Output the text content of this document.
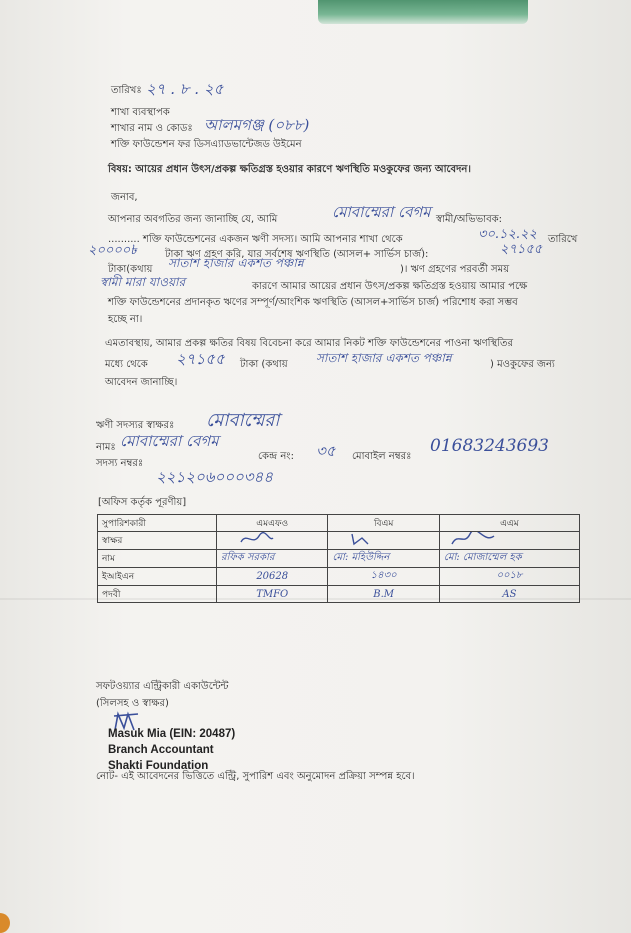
তারিখঃ ২৭ . ৮ . ২৫
শাখা ব্যবস্থাপক
শাখার নাম ও কোডঃ আলমগঞ্জ (০৮৮)
শক্তি ফাউন্ডেশন ফর ডিসএ্যাডভান্টেজড উইমেন
বিষয়: আয়ের প্রধান উৎস/প্রকল্প ক্ষতিগ্রস্ত হওয়ার কারণে ঋণস্থিতি মওকুফের জন্য আবেদন।
জনাব,
আপনার অবগতির জন্য জানাচ্ছি যে, আমি	মোবাম্মেরা বেগম স্বামী/অভিভাবক:
.......... শক্তি ফাউন্ডেশনের একজন ঋণী সদস্য। আমি আপনার শাখা থেকে	৩০.১২.২২ তারিখে
২০০০০৳	টাকা ঋণ গ্রহণ করি, যার সর্বশেষ ঋণস্থিতি (আসল+ সার্ভিস চার্জ):	২৭১৫৫
টাকা(কথায় সাতাশ হাজার একশত পঞ্চান্ন	)। ঋণ গ্রহণের পরবর্তী সময়
স্বামী মারা যাওয়ার	কারণে আমার আয়ের প্রধান উৎস/প্রকল্প ক্ষতিগ্রস্ত হওয়ায় আমার পক্ষে
শক্তি ফাউন্ডেশনের প্রদানকৃত ঋণের সম্পূর্ণ/আংশিক ঋণস্থিতি (আসল+সার্ভিস চার্জ) পরিশোধ করা সম্ভব
হচ্ছে না।
এমতাবস্থায়, আমার প্রকল্প ক্ষতির বিষয় বিবেচনা করে আমার নিকট শক্তি ফাউন্ডেশনের পাওনা ঋণস্থিতির
মধ্যে থেকে ২৭১৫৫ টাকা (কথায় সাতাশ হাজার একশত পঞ্চান্ন	) মওকুফের জন্য
আবেদন জানাচ্ছি।
ঋণী সদস্যর স্বাক্ষরঃ মোবাম্মেরা
নামঃ মোবাম্মেরা বেগম
সদস্য নম্বরঃ
২২১২০৬০০০৩৪৪
কেন্দ্র নং: ৩৫ মোবাইল নম্বরঃ
01683243693
[অফিস কর্তৃক পূরণীয়]
সুপারিশকারী	এমএফও	বিএম	এএম
স্বাক্ষর			
নাম	রফিক সরকার	মো: মহিউদ্দিন	মো: মোজাম্মেল হক
ইআইএন	20628	১৪৩০	০০১৮
পদবী	TMFO	B.M	AS
সফটওয়্যার এন্ট্রিকারী একাউন্টেন্ট
(সিলসহ ও স্বাক্ষর)
Masuk Mia (EIN: 20487)
Branch Accountant
Shakti Foundation
নোট- এই আবেদনের ভিত্তিতে এন্ট্রি, সুপারিশ এবং অনুমোদন প্রক্রিয়া সম্পন্ন হবে।
